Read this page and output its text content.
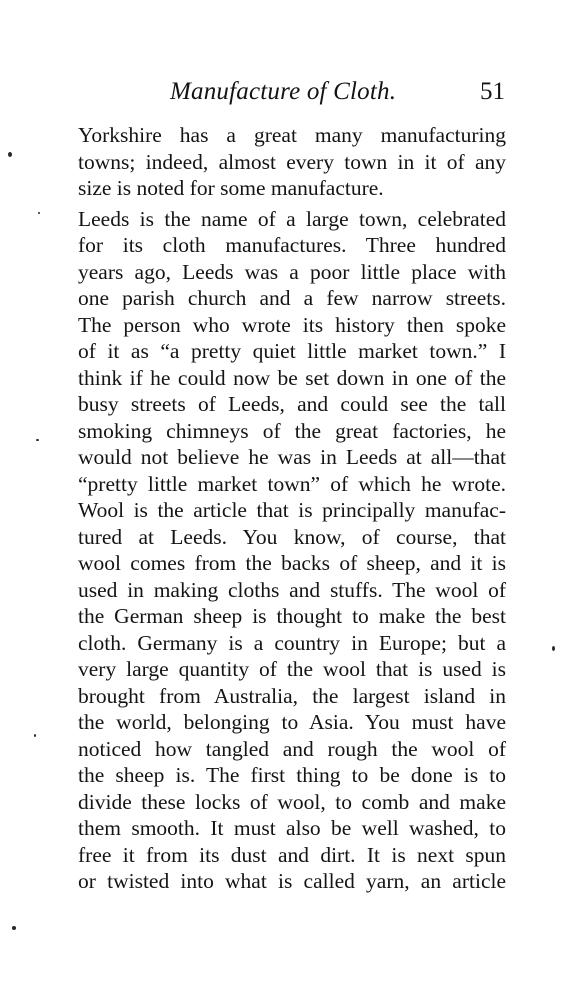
Manufacture of Cloth.	51
Yorkshire has a great many manufacturing
towns; indeed, almost every town in it of any
size is noted for some manufacture.
Leeds is the name of a large town, celebrated
for its cloth manufactures. Three hundred
years ago, Leeds was a poor little place with
one parish church and a few narrow streets.
The person who wrote its history then spoke
of it as “a pretty quiet little market town.” I
think if he could now be set down in one of the
busy streets of Leeds, and could see the tall
smoking chimneys of the great factories, he
would not believe he was in Leeds at all—that
“pretty little market town” of which he wrote.
Wool is the article that is principally manufac-
tured at Leeds. You know, of course, that
wool comes from the backs of sheep, and it is
used in making cloths and stuffs. The wool of
the German sheep is thought to make the best
cloth. Germany is a country in Europe; but a
very large quantity of the wool that is used is
brought from Australia, the largest island in
the world, belonging to Asia. You must have
noticed how tangled and rough the wool of
the sheep is. The first thing to be done is to
divide these locks of wool, to comb and make
them smooth. It must also be well washed, to
free it from its dust and dirt. It is next spun
or twisted into what is called yarn, an article
